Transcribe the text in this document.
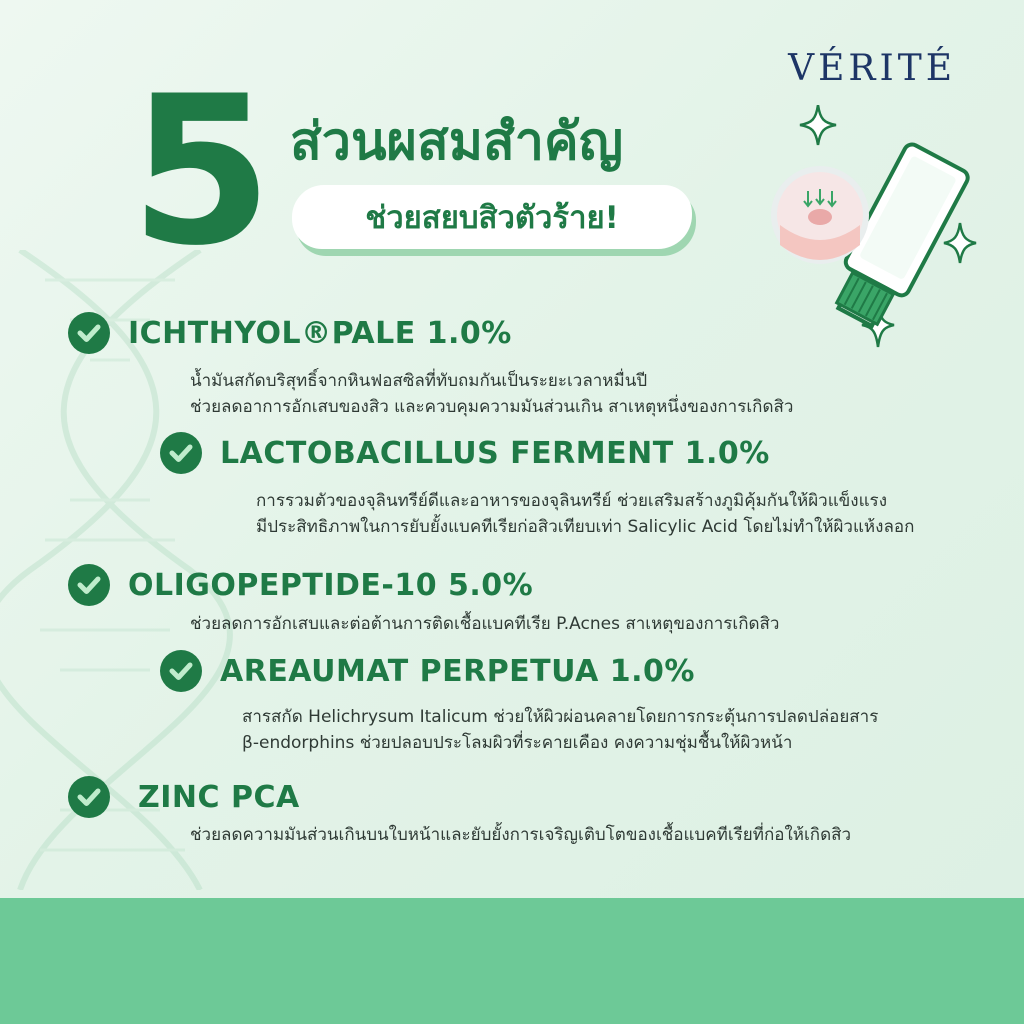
VÉRITÉ
5 ส่วนผสมสำคัญ
ช่วยสยบสิวตัวร้าย!
ICHTHYOL®PALE 1.0%
น้ำมันสกัดบริสุทธิ์จากหินฟอสซิลที่ทับถมกันเป็นระยะเวลาหมื่นปี
ช่วยลดอาการอักเสบของสิว และควบคุมความมันส่วนเกิน สาเหตุหนึ่งของการเกิดสิว
LACTOBACILLUS FERMENT 1.0%
การรวมตัวของจุลินทรีย์ดีและอาหารของจุลินทรีย์ ช่วยเสริมสร้างภูมิคุ้มกันให้ผิวแข็งแรง
มีประสิทธิภาพในการยับยั้งแบคทีเรียก่อสิวเทียบเท่า Salicylic Acid โดยไม่ทำให้ผิวแห้งลอก
OLIGOPEPTIDE-10 5.0%
ช่วยลดการอักเสบและต่อต้านการติดเชื้อแบคทีเรีย P.Acnes สาเหตุของการเกิดสิว
AREAUMAT PERPETUA 1.0%
สารสกัด Helichrysum Italicum ช่วยให้ผิวผ่อนคลายโดยการกระตุ้นการปลดปล่อยสาร
β-endorphins ช่วยปลอบประโลมผิวที่ระคายเคือง คงความชุ่มชื้นให้ผิวหน้า
ZINC PCA
ช่วยลดความมันส่วนเกินบนใบหน้าและยับยั้งการเจริญเติบโตของเชื้อแบคทีเรียที่ก่อให้เกิดสิว
